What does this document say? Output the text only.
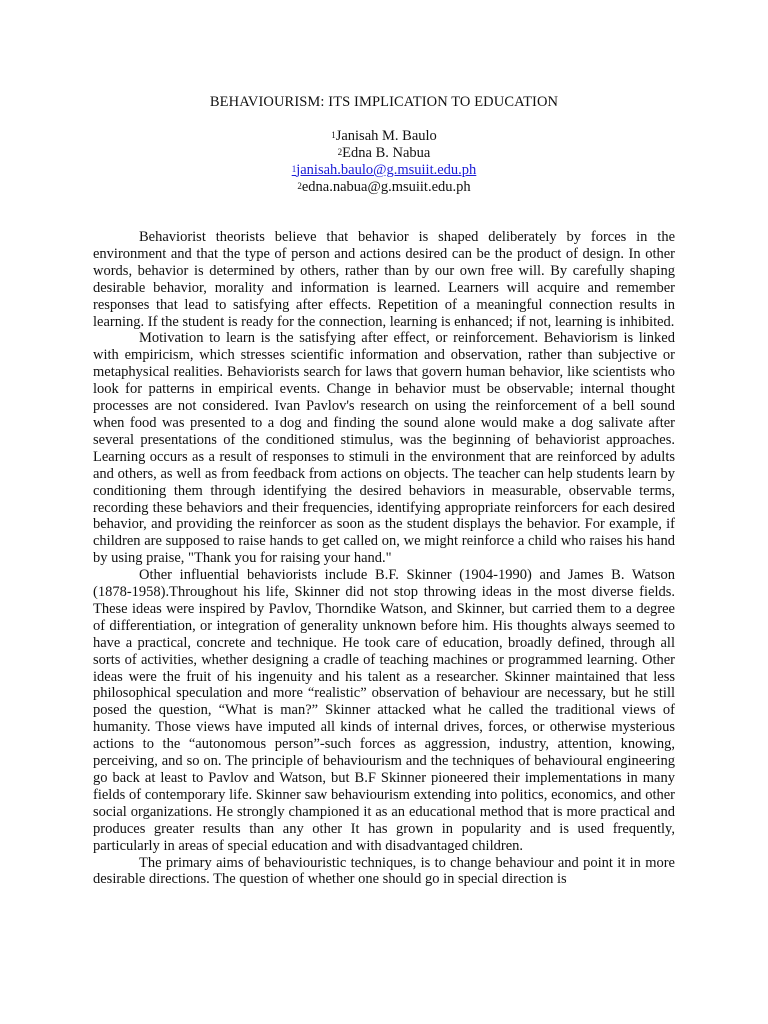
BEHAVIOURISM: ITS IMPLICATION TO EDUCATION
$^1$Janisah M. Baulo
$^2$Edna B. Nabua
$^1$janisah.baulo@g.msuiit.edu.ph
$^2$edna.nabua@g.msuiit.edu.ph

Behaviorist theorists believe that behavior is shaped deliberately by forces in the environment and that the type of person and actions desired can be the product of design. In other words, behavior is determined by others, rather than by our own free will. By carefully shaping desirable behavior, morality and information is learned. Learners will acquire and remember responses that lead to satisfying after effects. Repetition of a meaningful connection results in learning. If the student is ready for the connection, learning is enhanced; if not, learning is inhibited.

Motivation to learn is the satisfying after effect, or reinforcement. Behaviorism is linked with empiricism, which stresses scientific information and observation, rather than subjective or metaphysical realities. Behaviorists search for laws that govern human behavior, like scientists who look for patterns in empirical events. Change in behavior must be observable; internal thought processes are not considered. Ivan Pavlov's research on using the reinforcement of a bell sound when food was presented to a dog and finding the sound alone would make a dog salivate after several presentations of the conditioned stimulus, was the beginning of behaviorist approaches. Learning occurs as a result of responses to stimuli in the environment that are reinforced by adults and others, as well as from feedback from actions on objects. The teacher can help students learn by conditioning them through identifying the desired behaviors in measurable, observable terms, recording these behaviors and their frequencies, identifying appropriate reinforcers for each desired behavior, and providing the reinforcer as soon as the student displays the behavior. For example, if children are supposed to raise hands to get called on, we might reinforce a child who raises his hand by using praise, "Thank you for raising your hand."

Other influential behaviorists include B.F. Skinner (1904-1990) and James B. Watson (1878-1958).Throughout his life, Skinner did not stop throwing ideas in the most diverse fields. These ideas were inspired by Pavlov, Thorndike Watson, and Skinner, but carried them to a degree of differentiation, or integration of generality unknown before him. His thoughts always seemed to have a practical, concrete and technique. He took care of education, broadly defined, through all sorts of activities, whether designing a cradle of teaching machines or programmed learning. Other ideas were the fruit of his ingenuity and his talent as a researcher. Skinner maintained that less philosophical speculation and more “realistic” observation of behaviour are necessary, but he still posed the question, “What is man?” Skinner attacked what he called the traditional views of humanity. Those views have imputed all kinds of internal drives, forces, or otherwise mysterious actions to the “autonomous person”-such forces as aggression, industry, attention, knowing, perceiving, and so on. The principle of behaviourism and the techniques of behavioural engineering go back at least to Pavlov and Watson, but B.F Skinner pioneered their implementations in many fields of contemporary life. Skinner saw behaviourism extending into politics, economics, and other social organizations. He strongly championed it as an educational method that is more practical and produces greater results than any other It has grown in popularity and is used frequently, particularly in areas of special education and with disadvantaged children.

The primary aims of behaviouristic techniques, is to change behaviour and point it in more desirable directions. The question of whether one should go in special direction is
